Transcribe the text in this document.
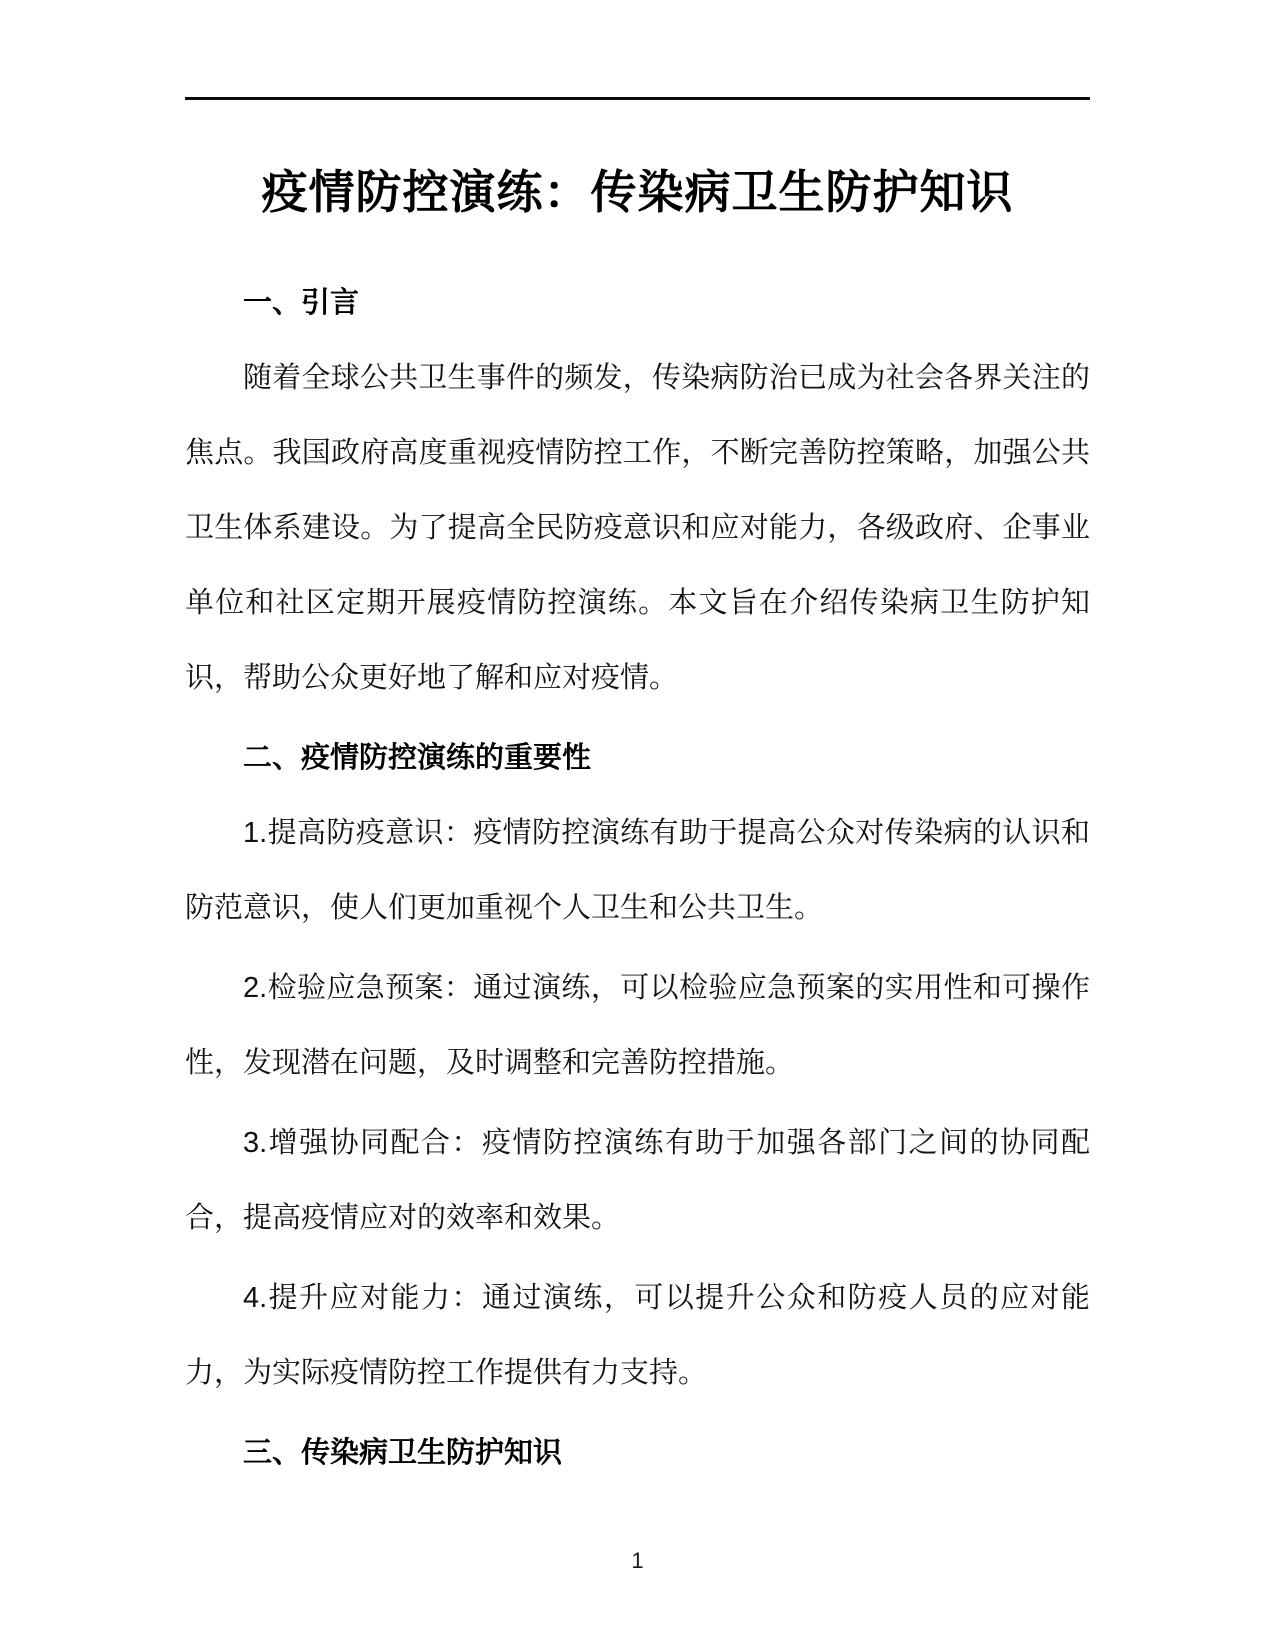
疫情防控演练：传染病卫生防护知识
一、引言

随着全球公共卫生事件的频发，传染病防治已成为社会各界关注的焦点。我国政府高度重视疫情防控工作，不断完善防控策略，加强公共卫生体系建设。为了提高全民防疫意识和应对能力，各级政府、企事业单位和社区定期开展疫情防控演练。本文旨在介绍传染病卫生防护知识，帮助公众更好地了解和应对疫情。

二、疫情防控演练的重要性

1.提高防疫意识：疫情防控演练有助于提高公众对传染病的认识和防范意识，使人们更加重视个人卫生和公共卫生。

2.检验应急预案：通过演练，可以检验应急预案的实用性和可操作性，发现潜在问题，及时调整和完善防控措施。

3.增强协同配合：疫情防控演练有助于加强各部门之间的协同配合，提高疫情应对的效率和效果。

4.提升应对能力：通过演练，可以提升公众和防疫人员的应对能力，为实际疫情防控工作提供有力支持。

三、传染病卫生防护知识
1
